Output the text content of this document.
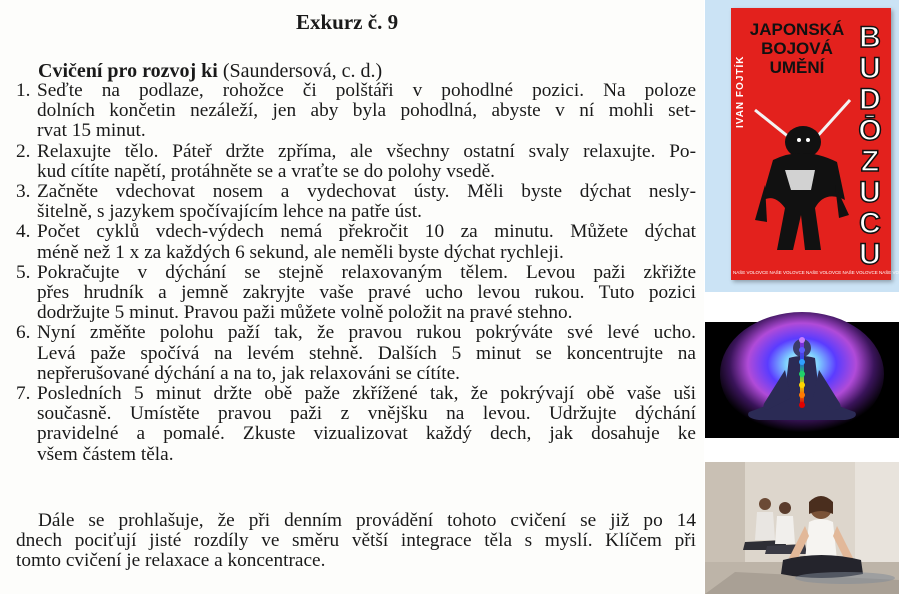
Exkurz č. 9
Cvičení pro rozvoj ki (Saundersová, c. d.)
1. Seďte na podlaze, rohožce či polštáři v pohodlné pozici. Na poloze
dolních končetin nezáleží, jen aby byla pohodlná, abyste v ní mohli set-
rvat 15 minut.
2. Relaxujte tělo. Páteř držte zpříma, ale všechny ostatní svaly relaxujte. Po-
kud cítíte napětí, protáhněte se a vraťte se do polohy vsedě.
3. Začněte vdechovat nosem a vydechovat ústy. Měli byste dýchat nesly-
šitelně, s jazykem spočívajícím lehce na patře úst.
4. Počet cyklů vdech-výdech nemá překročit 10 za minutu. Můžete dýchat
méně než 1 x za každých 6 sekund, ale neměli byste dýchat rychleji.
5. Pokračujte v dýchání se stejně relaxovaným tělem. Levou paži zkřižte
přes hrudník a jemně zakryjte vaše pravé ucho levou rukou. Tuto pozici
dodržujte 5 minut. Pravou paži můžete volně položit na pravé stehno.
6. Nyní změňte polohu paží tak, že pravou rukou pokrýváte své levé ucho.
Levá paže spočívá na levém stehně. Dalších 5 minut se koncentrujte na
nepřerušované dýchání a na to, jak relaxováni se cítíte.
7. Posledních 5 minut držte obě paže zkřížené tak, že pokrývají obě vaše uši
současně. Umístěte pravou paži z vnějšku na levou. Udržujte dýchání
pravidelné a pomalé. Zkuste vizualizovat každý dech, jak dosahuje ke
všem částem těla.
Dále se prohlašuje, že při denním provádění tohoto cvičení se již po 14
dnech pociťují jisté rozdíly ve směru větší integrace těla s myslí. Klíčem při
tomto cvičení je relaxace a koncentrace.
IVAN FOJTÍK
JAPONSKÁ
BOJOVÁ
UMĚNÍ
B
U
D
Ō
Z
U
C
U
NAŠE VOLOVCE NAŠE VOLOVCE NAŠE VOLOVCE NAŠE VOLOVCE NAŠE VOLOVCE
